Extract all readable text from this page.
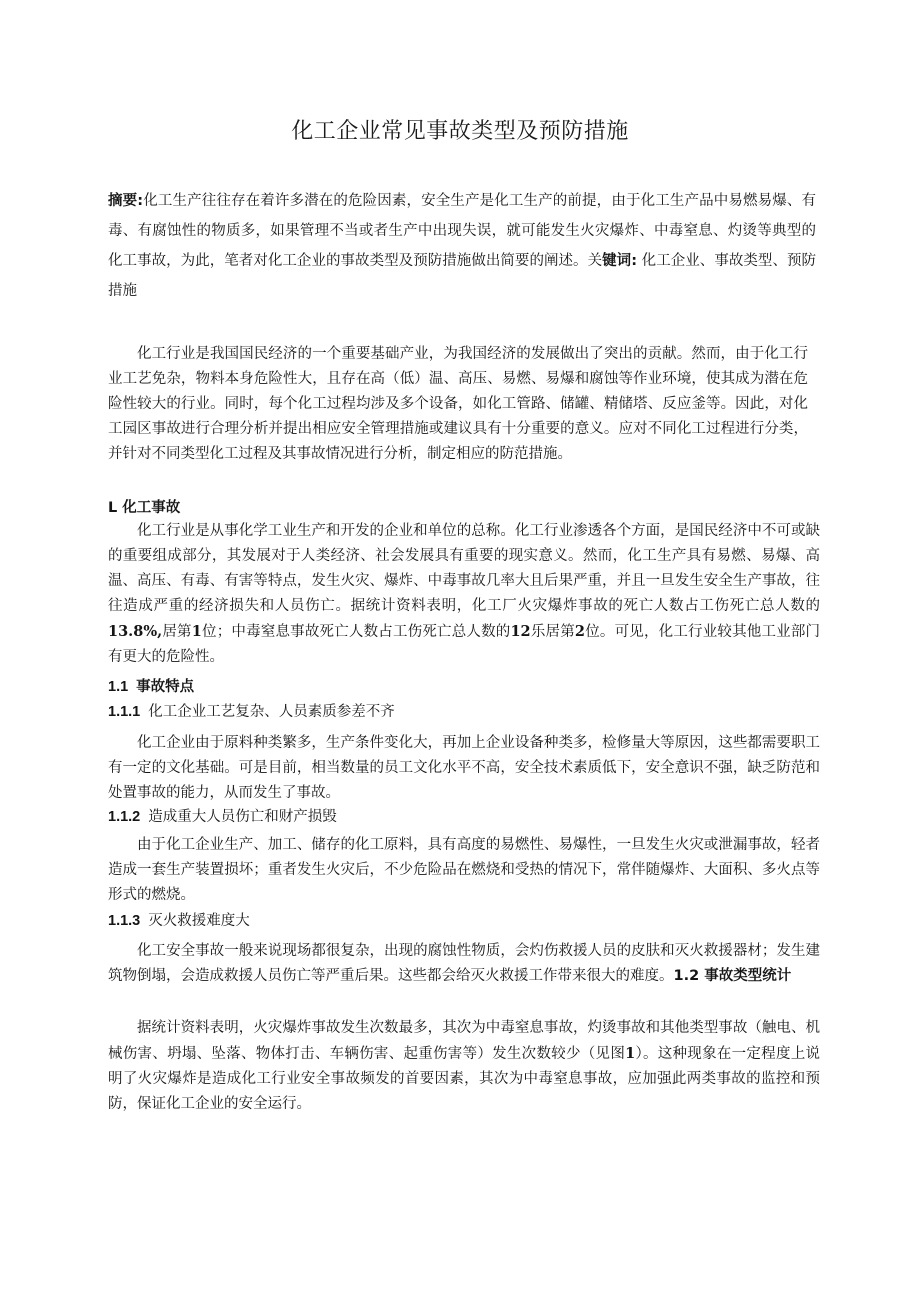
化工企业常见事故类型及预防措施
摘要:化工生产往往存在着许多潜在的危险因素，安全生产是化工生产的前提，由于化工生产品中易燃易爆、有毒、有腐蚀性的物质多，如果管理不当或者生产中出现失误，就可能发生火灾爆炸、中毒窒息、灼烫等典型的化工事故，为此，笔者对化工企业的事故类型及预防措施做出简要的阐述。关键词: 化工企业、事故类型、预防措施
化工行业是我国国民经济的一个重要基础产业，为我国经济的发展做出了突出的贡献。然而，由于化工行业工艺免杂，物料本身危险性大，且存在高（低）温、高压、易燃、易爆和腐蚀等作业环境，使其成为潜在危险性较大的行业。同时，每个化工过程均涉及多个设备，如化工管路、储罐、精储塔、反应釜等。因此，对化工园区事故进行合理分析并提出相应安全管理措施或建议具有十分重要的意义。应对不同化工过程进行分类，并针对不同类型化工过程及其事故情况进行分析，制定相应的防范措施。
L 化工事故
化工行业是从事化学工业生产和开发的企业和单位的总称。化工行业渗透各个方面，是国民经济中不可或缺的重要组成部分，其发展对于人类经济、社会发展具有重要的现实意义。然而，化工生产具有易燃、易爆、高温、高压、有毒、有害等特点，发生火灾、爆炸、中毒事故几率大且后果严重，并且一旦发生安全生产事故，往往造成严重的经济损失和人员伤亡。据统计资料表明，化工厂火灾爆炸事故的死亡人数占工伤死亡总人数的13.8%,居第1位；中毒窒息事故死亡人数占工伤死亡总人数的12乐居第2位。可见，化工行业较其他工业部门有更大的危险性。
1.1 事故特点
1.1.1 化工企业工艺复杂、人员素质参差不齐
化工企业由于原料种类繁多，生产条件变化大，再加上企业设备种类多，检修量大等原因，这些都需要职工有一定的文化基础。可是目前，相当数量的员工文化水平不高，安全技术素质低下，安全意识不强，缺乏防范和处置事故的能力，从而发生了事故。
1.1.2 造成重大人员伤亡和财产损毁
由于化工企业生产、加工、储存的化工原料，具有高度的易燃性、易爆性，一旦发生火灾或泄漏事故，轻者造成一套生产装置损坏；重者发生火灾后，不少危险品在燃烧和受热的情况下，常伴随爆炸、大面积、多火点等形式的燃烧。
1.1.3 灭火救援难度大
化工安全事故一般来说现场都很复杂，出现的腐蚀性物质，会灼伤救援人员的皮肤和灭火救援器材；发生建筑物倒塌，会造成救援人员伤亡等严重后果。这些都会给灭火救援工作带来很大的难度。1.2 事故类型统计
据统计资料表明，火灾爆炸事故发生次数最多，其次为中毒窒息事故，灼烫事故和其他类型事故（触电、机械伤害、坍塌、坠落、物体打击、车辆伤害、起重伤害等）发生次数较少（见图1）。这种现象在一定程度上说明了火灾爆炸是造成化工行业安全事故频发的首要因素，其次为中毒窒息事故，应加强此两类事故的监控和预防，保证化工企业的安全运行。
